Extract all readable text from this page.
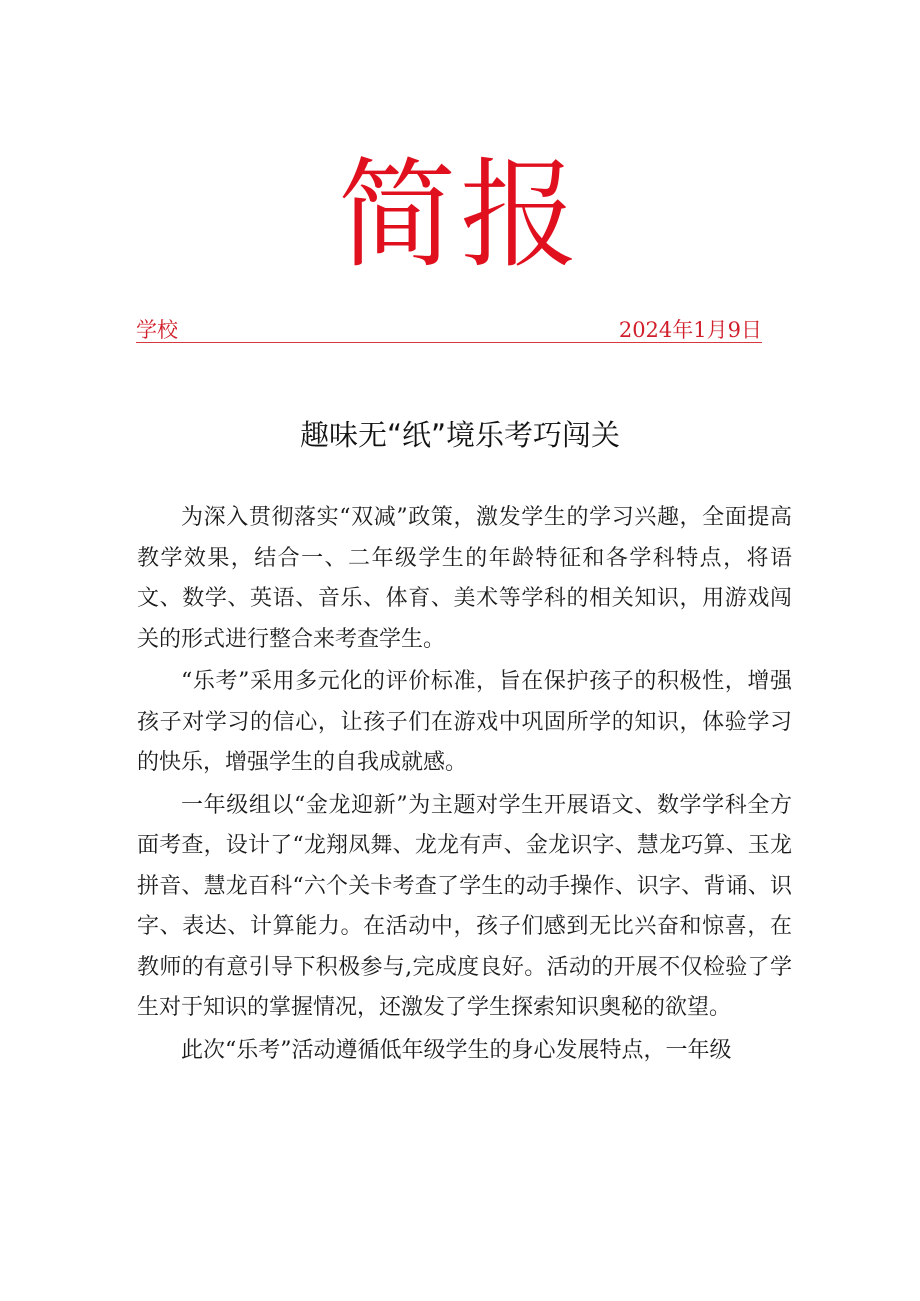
简报
学校	2024年1月9日
趣味无“纸”境乐考巧闯关

为深入贯彻落实“双减”政策，激发学生的学习兴趣，全面提高教学效果，结合一、二年级学生的年龄特征和各学科特点，将语文、数学、英语、音乐、体育、美术等学科的相关知识，用游戏闯关的形式进行整合来考查学生。

“乐考”采用多元化的评价标准，旨在保护孩子的积极性，增强孩子对学习的信心，让孩子们在游戏中巩固所学的知识，体验学习的快乐，增强学生的自我成就感。

一年级组以“金龙迎新”为主题对学生开展语文、数学学科全方面考查，设计了“龙翔凤舞、龙龙有声、金龙识字、慧龙巧算、玉龙拼音、慧龙百科“六个关卡考查了学生的动手操作、识字、背诵、识字、表达、计算能力。在活动中，孩子们感到无比兴奋和惊喜，在教师的有意引导下积极参与,完成度良好。活动的开展不仅检验了学生对于知识的掌握情况，还激发了学生探索知识奥秘的欲望。

此次“乐考”活动遵循低年级学生的身心发展特点，一年级
